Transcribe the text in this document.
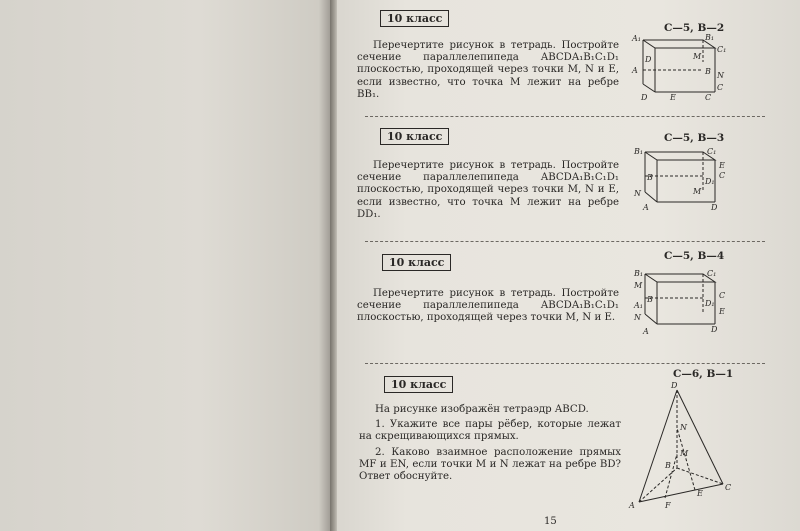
10 класс
С—5, В—2

Перечертите рисунок в тетрадь. Постройте сечение параллелепипеда ABCDA₁B₁C₁D₁ плоскостью, проходящей через точки M, N и E, если известно, что точка M лежит на ребре BB₁.

A₁	B₁
C₁
D	M
A	B N
C
D	E	C
10 класс	С—5, В—3

Перечертите рисунок в тетрадь. Постройте сечение параллелепипеда ABCDA₁B₁C₁D₁ плоскостью, проходящей через точки M, N и E, если известно, что точка M лежит на ребре DD₁.

B₁	C₁
E
B	C
D₁
N	M
A	D
10 класс	С—5, В—4

Перечертите рисунок в тетрадь. Постройте сечение параллелепипеда ABCDA₁B₁C₁D₁ плоскостью, проходящей через точки M, N и E.

B₁	C₁
M
B	C
D₁
E
A₁
N
A	D
10 класс
С—6, В—1

На рисунке изображён тетраэдр ABCD.

1. Укажите все пары рёбер, которые лежат на скрещивающихся прямых.

2. Каково взаимное расположение прямых MF и EN, если точки M и N лежат на ребре BD? Ответ обоснуйте.

D
N
M
B
E
C
A	F
15
